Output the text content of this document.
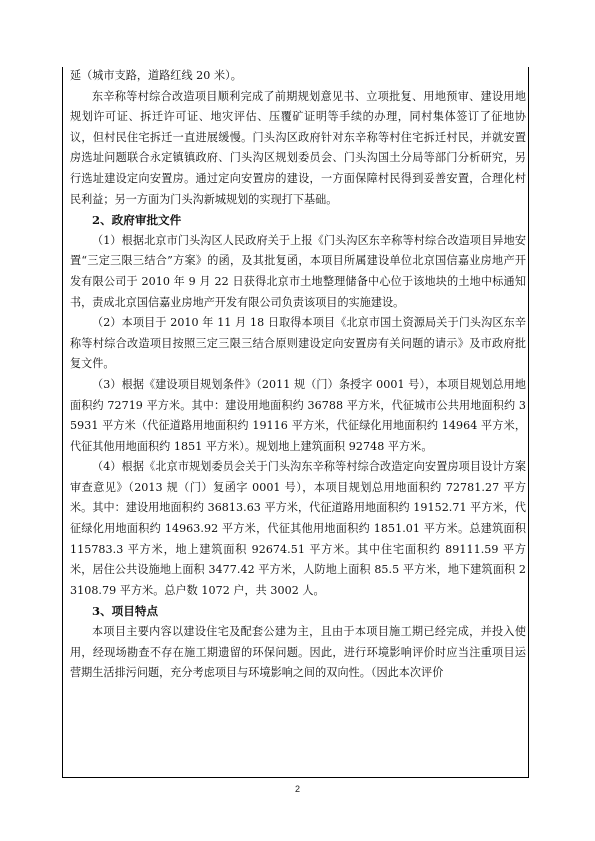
延（城市支路，道路红线 20 米）。

东辛称等村综合改造项目顺利完成了前期规划意见书、立项批复、用地预审、建设用地规划许可证、拆迁许可证、地灾评估、压覆矿证明等手续的办理，同村集体签订了征地协议，但村民住宅拆迁一直进展缓慢。门头沟区政府针对东辛称等村住宅拆迁村民，并就安置房选址问题联合永定镇镇政府、门头沟区规划委员会、门头沟国土分局等部门分析研究，另行选址建设定向安置房。通过定向安置房的建设，一方面保障村民得到妥善安置，合理化村民利益；另一方面为门头沟新城规划的实现打下基础。

2、政府审批文件

（1）根据北京市门头沟区人民政府关于上报《门头沟区东辛称等村综合改造项目异地安置“三定三限三结合”方案》的函，及其批复函，本项目所属建设单位北京国信嘉业房地产开发有限公司于 2010 年 9 月 22 日获得北京市土地整理储备中心位于该地块的土地中标通知书，责成北京国信嘉业房地产开发有限公司负责该项目的实施建设。

（2）本项目于 2010 年 11 月 18 日取得本项目《北京市国土资源局关于门头沟区东辛称等村综合改造项目按照三定三限三结合原则建设定向安置房有关问题的请示》及市政府批复文件。

（3）根据《建设项目规划条件》（2011 规（门）条授字 0001 号），本项目规划总用地面积约 72719 平方米。其中：建设用地面积约 36788 平方米，代征城市公共用地面积约 35931 平方米（代征道路用地面积约 19116 平方米，代征绿化用地面积约 14964 平方米，代征其他用地面积约 1851 平方米）。规划地上建筑面积 92748 平方米。

（4）根据《北京市规划委员会关于门头沟东辛称等村综合改造定向安置房项目设计方案审查意见》（2013 规（门）复函字 0001 号），本项目规划总用地面积约 72781.27 平方米。其中：建设用地面积约 36813.63 平方米，代征道路用地面积约 19152.71 平方米，代征绿化用地面积约 14963.92 平方米，代征其他用地面积约 1851.01 平方米。总建筑面积 115783.3 平方米，地上建筑面积 92674.51 平方米。其中住宅面积约 89111.59 平方米，居住公共设施地上面积 3477.42 平方米，人防地上面积 85.5 平方米，地下建筑面积 23108.79 平方米。总户数 1072 户，共 3002 人。

3、项目特点

本项目主要内容以建设住宅及配套公建为主，且由于本项目施工期已经完成，并投入使用，经现场勘查不存在施工期遗留的环保问题。因此，进行环境影响评价时应当注重项目运营期生活排污问题，充分考虑项目与环境影响之间的双向性。（因此本次评价

2
